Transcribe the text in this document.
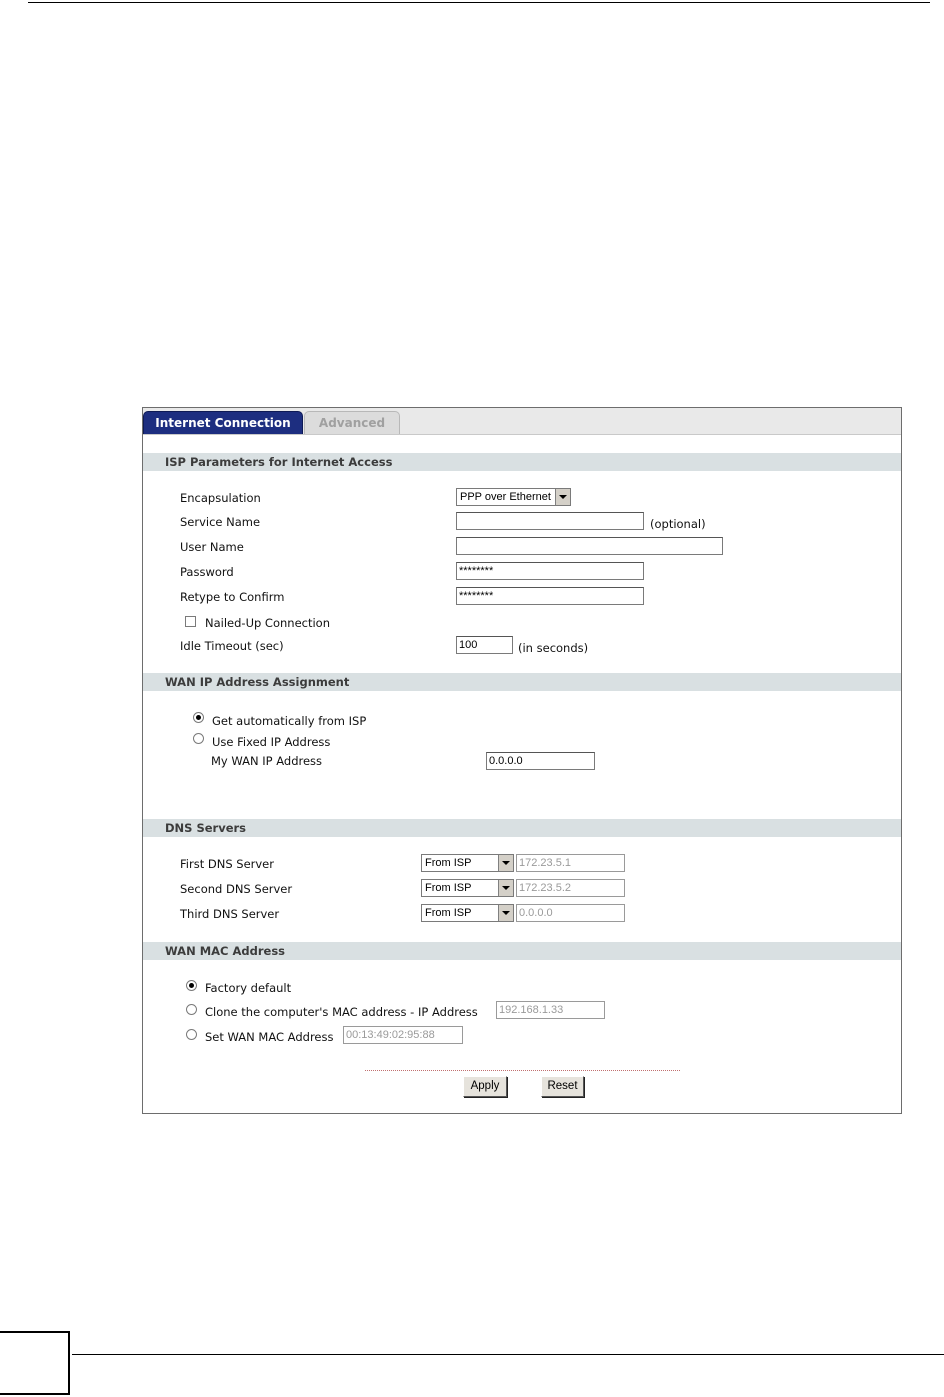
Internet Connection	Advanced
ISP Parameters for Internet Access
Encapsulation	PPP over Ethernet
Service Name	(optional)
User Name
Password	********
Retype to Confirm	********
Nailed-Up Connection
Idle Timeout (sec)	100	(in seconds)
WAN IP Address Assignment
Get automatically from ISP
Use Fixed IP Address
My WAN IP Address	0.0.0.0
DNS Servers
First DNS Server	From ISP	172.23.5.1
Second DNS Server	From ISP	172.23.5.2
Third DNS Server	From ISP	0.0.0.0
WAN MAC Address
Factory default
Clone the computer's MAC address - IP Address 192.168.1.33
Set WAN MAC Address 00:13:49:02:95:88
Apply	Reset
